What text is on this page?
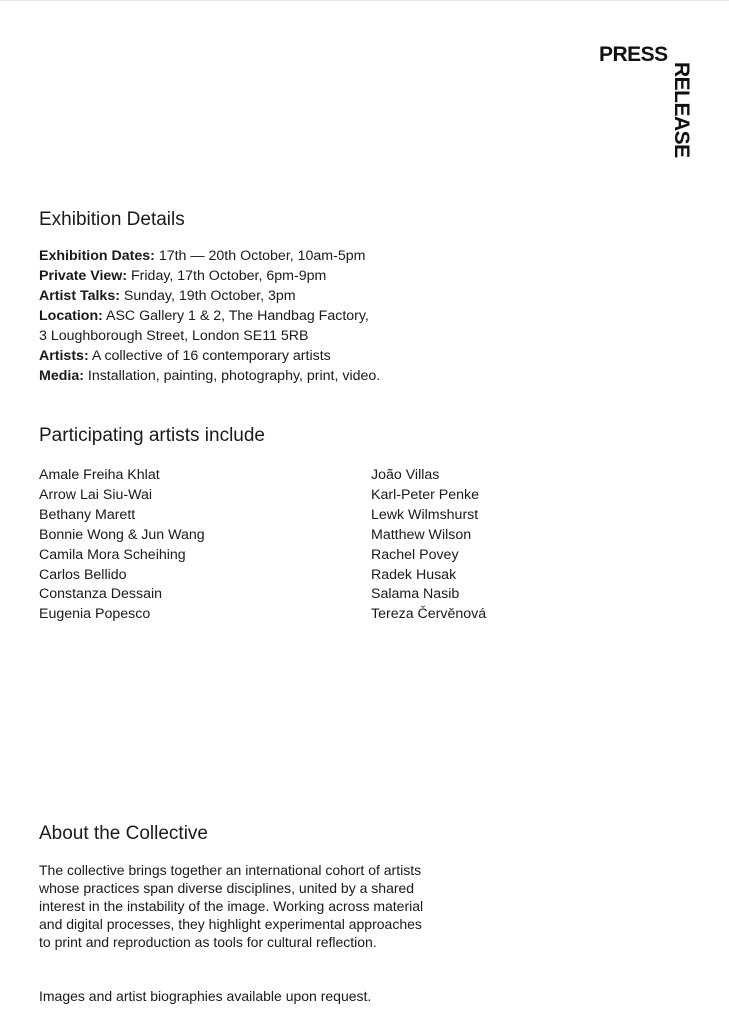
PRESS
RELEASE
Exhibition Details
Exhibition Dates: 17th — 20th October, 10am-5pm
Private View: Friday, 17th October, 6pm-9pm
Artist Talks: Sunday, 19th October, 3pm
Location: ASC Gallery 1 & 2, The Handbag Factory,
3 Loughborough Street, London SE11 5RB
Artists: A collective of 16 contemporary artists
Media: Installation, painting, photography, print, video.
Participating artists include
Amale Freiha Khlat
Arrow Lai Siu-Wai
Bethany Marett
Bonnie Wong & Jun Wang
Camila Mora Scheihing
Carlos Bellido
Constanza Dessain
Eugenia Popesco
João Villas
Karl-Peter Penke
Lewk Wilmshurst
Matthew Wilson
Rachel Povey
Radek Husak
Salama Nasib
Tereza Červěnová
About the Collective
The collective brings together an international cohort of artists
whose practices span diverse disciplines, united by a shared
interest in the instability of the image. Working across material
and digital processes, they highlight experimental approaches
to print and reproduction as tools for cultural reflection.
Images and artist biographies available upon request.
